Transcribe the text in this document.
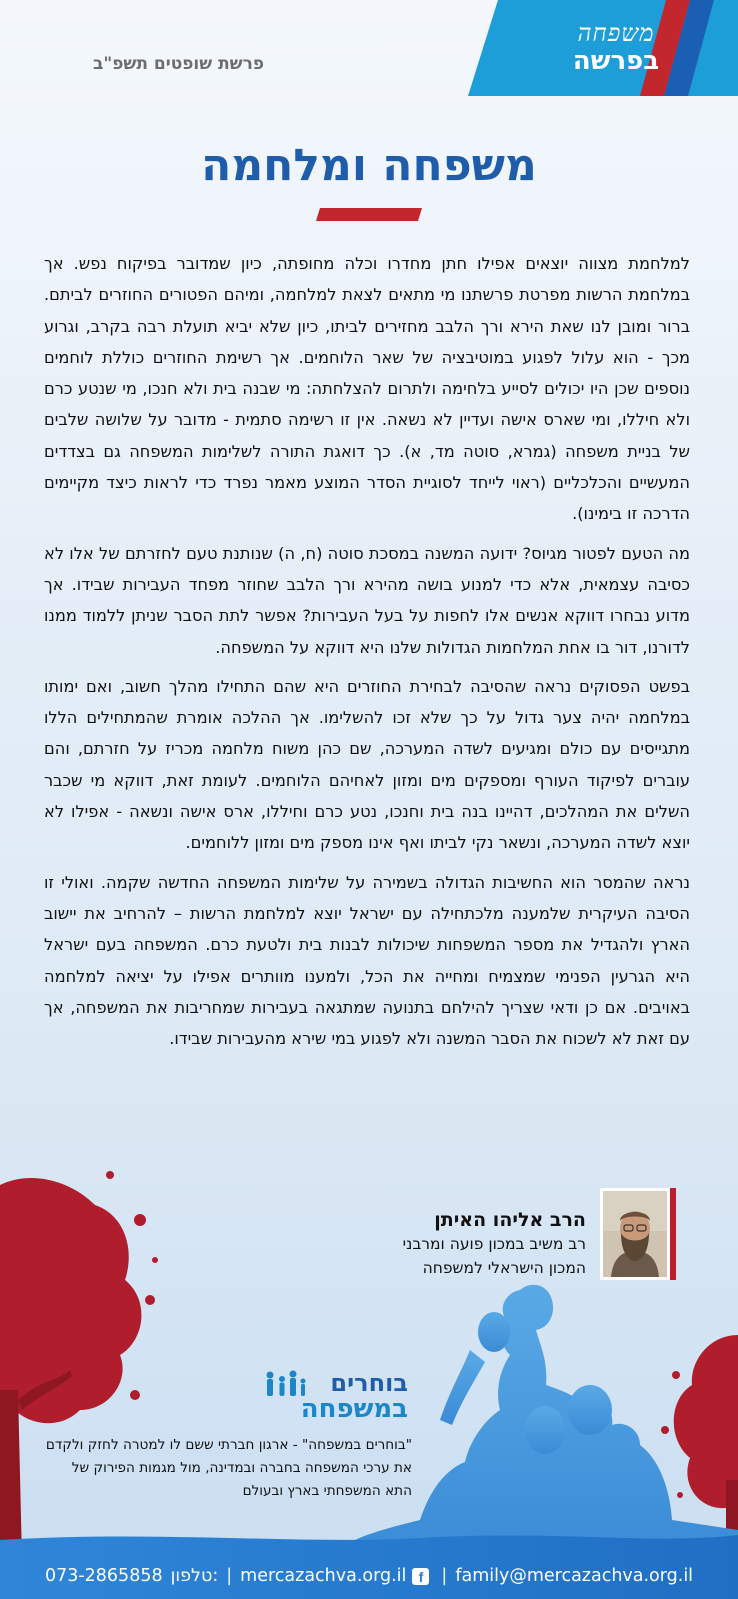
משפחה
בפרשה
פרשת שופטים תשפ"ב
משפחה ומלחמה

למלחמת מצווה יוצאים אפילו חתן מחדרו וכלה מחופתה, כיון שמדובר בפיקוח נפש. אך במלחמת הרשות מפרטת פרשתנו מי מתאים לצאת למלחמה, ומיהם הפטורים החוזרים לביתם. ברור ומובן לנו שאת הירא ורך הלבב מחזירים לביתו, כיון שלא יביא תועלת רבה בקרב, וגרוע מכך - הוא עלול לפגוע במוטיבציה של שאר הלוחמים. אך רשימת החוזרים כוללת לוחמים נוספים שכן היו יכולים לסייע בלחימה ולתרום להצלחתה: מי שבנה בית ולא חנכו, מי שנטע כרם ולא חיללו, ומי שארס אישה ועדיין לא נשאה. אין זו רשימה סתמית - מדובר על שלושה שלבים של בניית משפחה (גמרא, סוטה מד, א). כך דואגת התורה לשלימות המשפחה גם בצדדים המעשיים והכלכליים (ראוי לייחד לסוגיית הסדר המוצע מאמר נפרד כדי לראות כיצד מקיימים הדרכה זו בימינו).

מה הטעם לפטור מגיוס? ידועה המשנה במסכת סוטה (ח, ה) שנותנת טעם לחזרתם של אלו לא כסיבה עצמאית, אלא כדי למנוע בושה מהירא ורך הלבב שחוזר מפחד העבירות שבידו. אך מדוע נבחרו דווקא אנשים אלו לחפות על בעל העבירות? אפשר לתת הסבר שניתן ללמוד ממנו לדורנו, דור בו אחת המלחמות הגדולות שלנו היא דווקא על המשפחה.

בפשט הפסוקים נראה שהסיבה לבחירת החוזרים היא שהם התחילו מהלך חשוב, ואם ימותו במלחמה יהיה צער גדול על כך שלא זכו להשלימו. אך ההלכה אומרת שהמתחילים הללו מתגייסים עם כולם ומגיעים לשדה המערכה, שם כהן משוח מלחמה מכריז על חזרתם, והם עוברים לפיקוד העורף ומספקים מים ומזון לאחיהם הלוחמים. לעומת זאת, דווקא מי שכבר השלים את המהלכים, דהיינו בנה בית וחנכו, נטע כרם וחיללו, ארס אישה ונשאה - אפילו לא יוצא לשדה המערכה, ונשאר נקי לביתו ואף אינו מספק מים ומזון ללוחמים.

נראה שהמסר הוא החשיבות הגדולה בשמירה על שלימות המשפחה החדשה שקמה. ואולי זו הסיבה העיקרית שלמענה מלכתחילה עם ישראל יוצא למלחמת הרשות – להרחיב את יישוב הארץ ולהגדיל את מספר המשפחות שיכולות לבנות בית ולטעת כרם. המשפחה בעם ישראל היא הגרעין הפנימי שמצמיח ומחייה את הכל, ולמענו מוותרים אפילו על יציאה למלחמה באויבים. אם כן ודאי שצריך להילחם בתנועה שמתגאה בעבירות שמחריבות את המשפחה, אך עם זאת לא לשכוח את הסבר המשנה ולא לפגוע במי שירא מהעבירות שבידו.

הרב אליהו האיתן
רב משיב במכון פועה ומרבני
המכון הישראלי למשפחה
בוחרים
במשפחה
"בוחרים במשפחה" - ארגון חברתי ששם לו למטרה לחזק ולקדם את ערכי המשפחה בחברה ובמדינה, מול מגמות הפירוק של התא המשפחתי בארץ ובעולם
073-2865858 טלפון: | mercazachva.org.il f	| family@mercazachva.org.il
